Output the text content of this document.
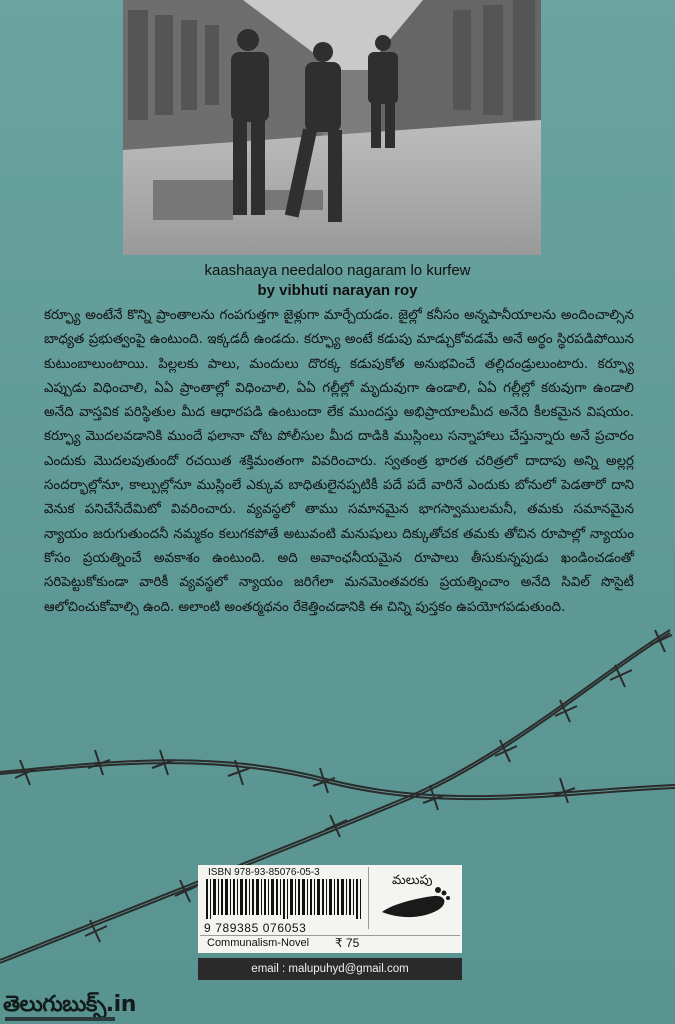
kaashaaya needaloo nagaram lo kurfew
by vibhuti narayan roy
కర్ఫ్యూ అంటేనే కొన్ని ప్రాంతాలను గంపగుత్తగా జైళ్లుగా మార్చేయడం. జైల్లో కనీసం అన్నపానీయాలను అందించాల్సిన బాధ్యత ప్రభుత్వంపై ఉంటుంది. ఇక్కడదీ ఉండదు. కర్ఫ్యూ అంటే కడుపు మాడ్చుకోవడమే అనే అర్థం స్థిరపడిపోయిన కుటుంబాలుంటాయి. పిల్లలకు పాలు, మందులు దొరక్క కడుపుకోత అనుభవించే తల్లిదండ్రులుంటారు. కర్ఫ్యూ ఎప్పుడు విధించాలి, ఏఏ ప్రాంతాల్లో విధించాలి, ఏఏ గల్లీల్లో మృదువుగా ఉండాలి, ఏఏ గల్లీల్లో కఠువుగా ఉండాలి అనేది వాస్తవిక పరిస్థితుల మీద ఆధారపడి ఉంటుందా లేక ముందస్తు అభిప్రాయాలమీద అనేది కీలకమైన విషయం. కర్ఫ్యూ మొదలవడానికి ముందే ఫలానా చోట పోలీసుల మీద దాడికి ముస్లింలు సన్నాహాలు చేస్తున్నారు అనే ప్రచారం ఎందుకు మొదలవుతుందో రచయిత శక్తిమంతంగా వివరించారు. స్వతంత్ర భారత చరిత్రలో దాదాపు అన్ని అల్లర్ల సందర్భాల్లోనూ, కాల్పుల్లోనూ ముస్లింలే ఎక్కువ బాధితులైనప్పటికీ పదే పదే వారినే ఎందుకు బోనులో పెడతారో దాని వెనుక పనిచేసేదేమిటో వివరించారు. వ్యవస్థలో తాము సమానమైన భాగస్వాములమనీ, తమకు సమానమైన న్యాయం జరుగుతుందనీ నమ్మకం కలుగకపోతే అటువంటి మనుషులు దిక్కుతోచక తమకు తోచిన రూపాల్లో న్యాయం కోసం ప్రయత్నించే అవకాశం ఉంటుంది. అది అవాంఛనీయమైన రూపాలు తీసుకున్నపుడు ఖండించడంతో సరిపెట్టుకోకుండా వారికీ వ్యవస్థలో న్యాయం జరిగేలా మనమెంతవరకు ప్రయత్నించాం అనేది సివిల్ సొసైటీ ఆలోచించుకోవాల్సి ఉంది. అలాంటి అంతర్మథనం రేకెత్తించడానికి ఈ చిన్ని పుస్తకం ఉపయోగపడుతుంది.
ISBN 978-93-85076-05-3
9 789385 076053
Communalism-Novel ₹ 75
మలుపు
email : malupuhyd@gmail.com
తెలుగుబుక్స్.in
